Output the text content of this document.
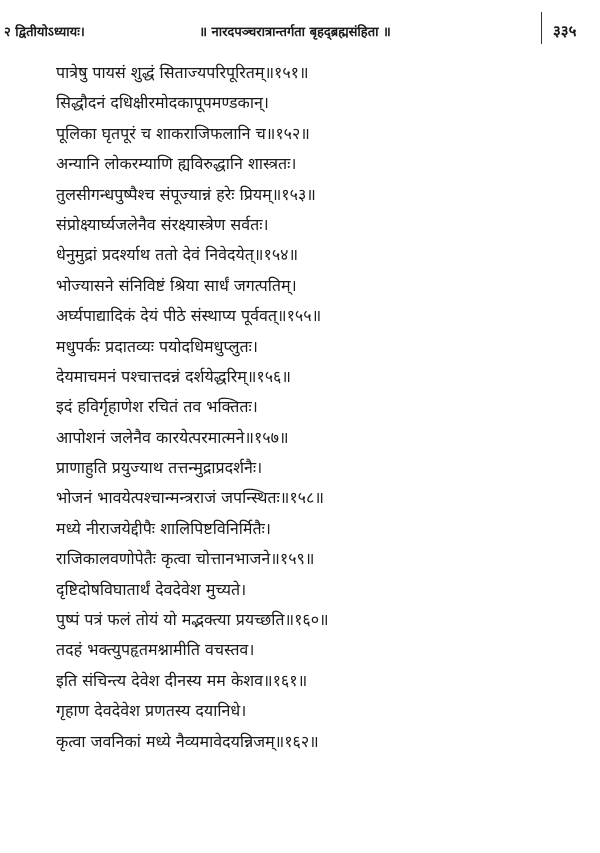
२ द्वितीयोऽध्यायः।	॥ नारदपञ्चरात्रान्तर्गता बृहद्ब्रह्मसंहिता ॥	३३५
पात्रेषु पायसं शुद्धं सिताज्यपरिपूरितम्॥१५१॥
सिद्धौदनं दधिक्षीरमोदकापूपमण्डकान्।
पूलिका घृतपूरं च शाकराजिफलानि च॥१५२॥
अन्यानि लोकरम्याणि ह्यविरुद्धानि शास्त्रतः।
तुलसीगन्धपुष्पैश्च संपूज्यान्नं हरेः प्रियम्॥१५३॥
संप्रोक्ष्यार्घ्यजलेनैव संरक्ष्यास्त्रेण सर्वतः।
धेनुमुद्रां प्रदर्श्याथ ततो देवं निवेदयेत्॥१५४॥
भोज्यासने संनिविष्टं श्रिया सार्धं जगत्पतिम्।
अर्घ्यपाद्यादिकं देयं पीठे संस्थाप्य पूर्ववत्॥१५५॥
मधुपर्कः प्रदातव्यः पयोदधिमधुप्लुतः।
देयमाचमनं पश्चात्तदन्नं दर्शयेद्धरिम्॥१५६॥
इदं हविर्गृहाणेश रचितं तव भक्तितः।
आपोशनं जलेनैव कारयेत्परमात्मने॥१५७॥
प्राणाहुति प्रयुज्याथ तत्तन्मुद्राप्रदर्शनैः।
भोजनं भावयेत्पश्चान्मन्त्रराजं जपन्स्थितः॥१५८॥
मध्ये नीराजयेद्दीपैः शालिपिष्टविनिर्मितैः।
राजिकालवणोपेतैः कृत्वा चोत्तानभाजने॥१५९॥
दृष्टिदोषविघातार्थं देवदेवेश मुच्यते।
पुष्पं पत्रं फलं तोयं यो मद्भक्त्या प्रयच्छति॥१६०॥
तदहं भक्त्युपहृतमश्नामीति वचस्तव।
इति संचिन्त्य देवेश दीनस्य मम केशव॥१६१॥
गृहाण देवदेवेश प्रणतस्य दयानिधे।
कृत्वा जवनिकां मध्ये नैव्यमावेदयन्निजम्॥१६२॥
